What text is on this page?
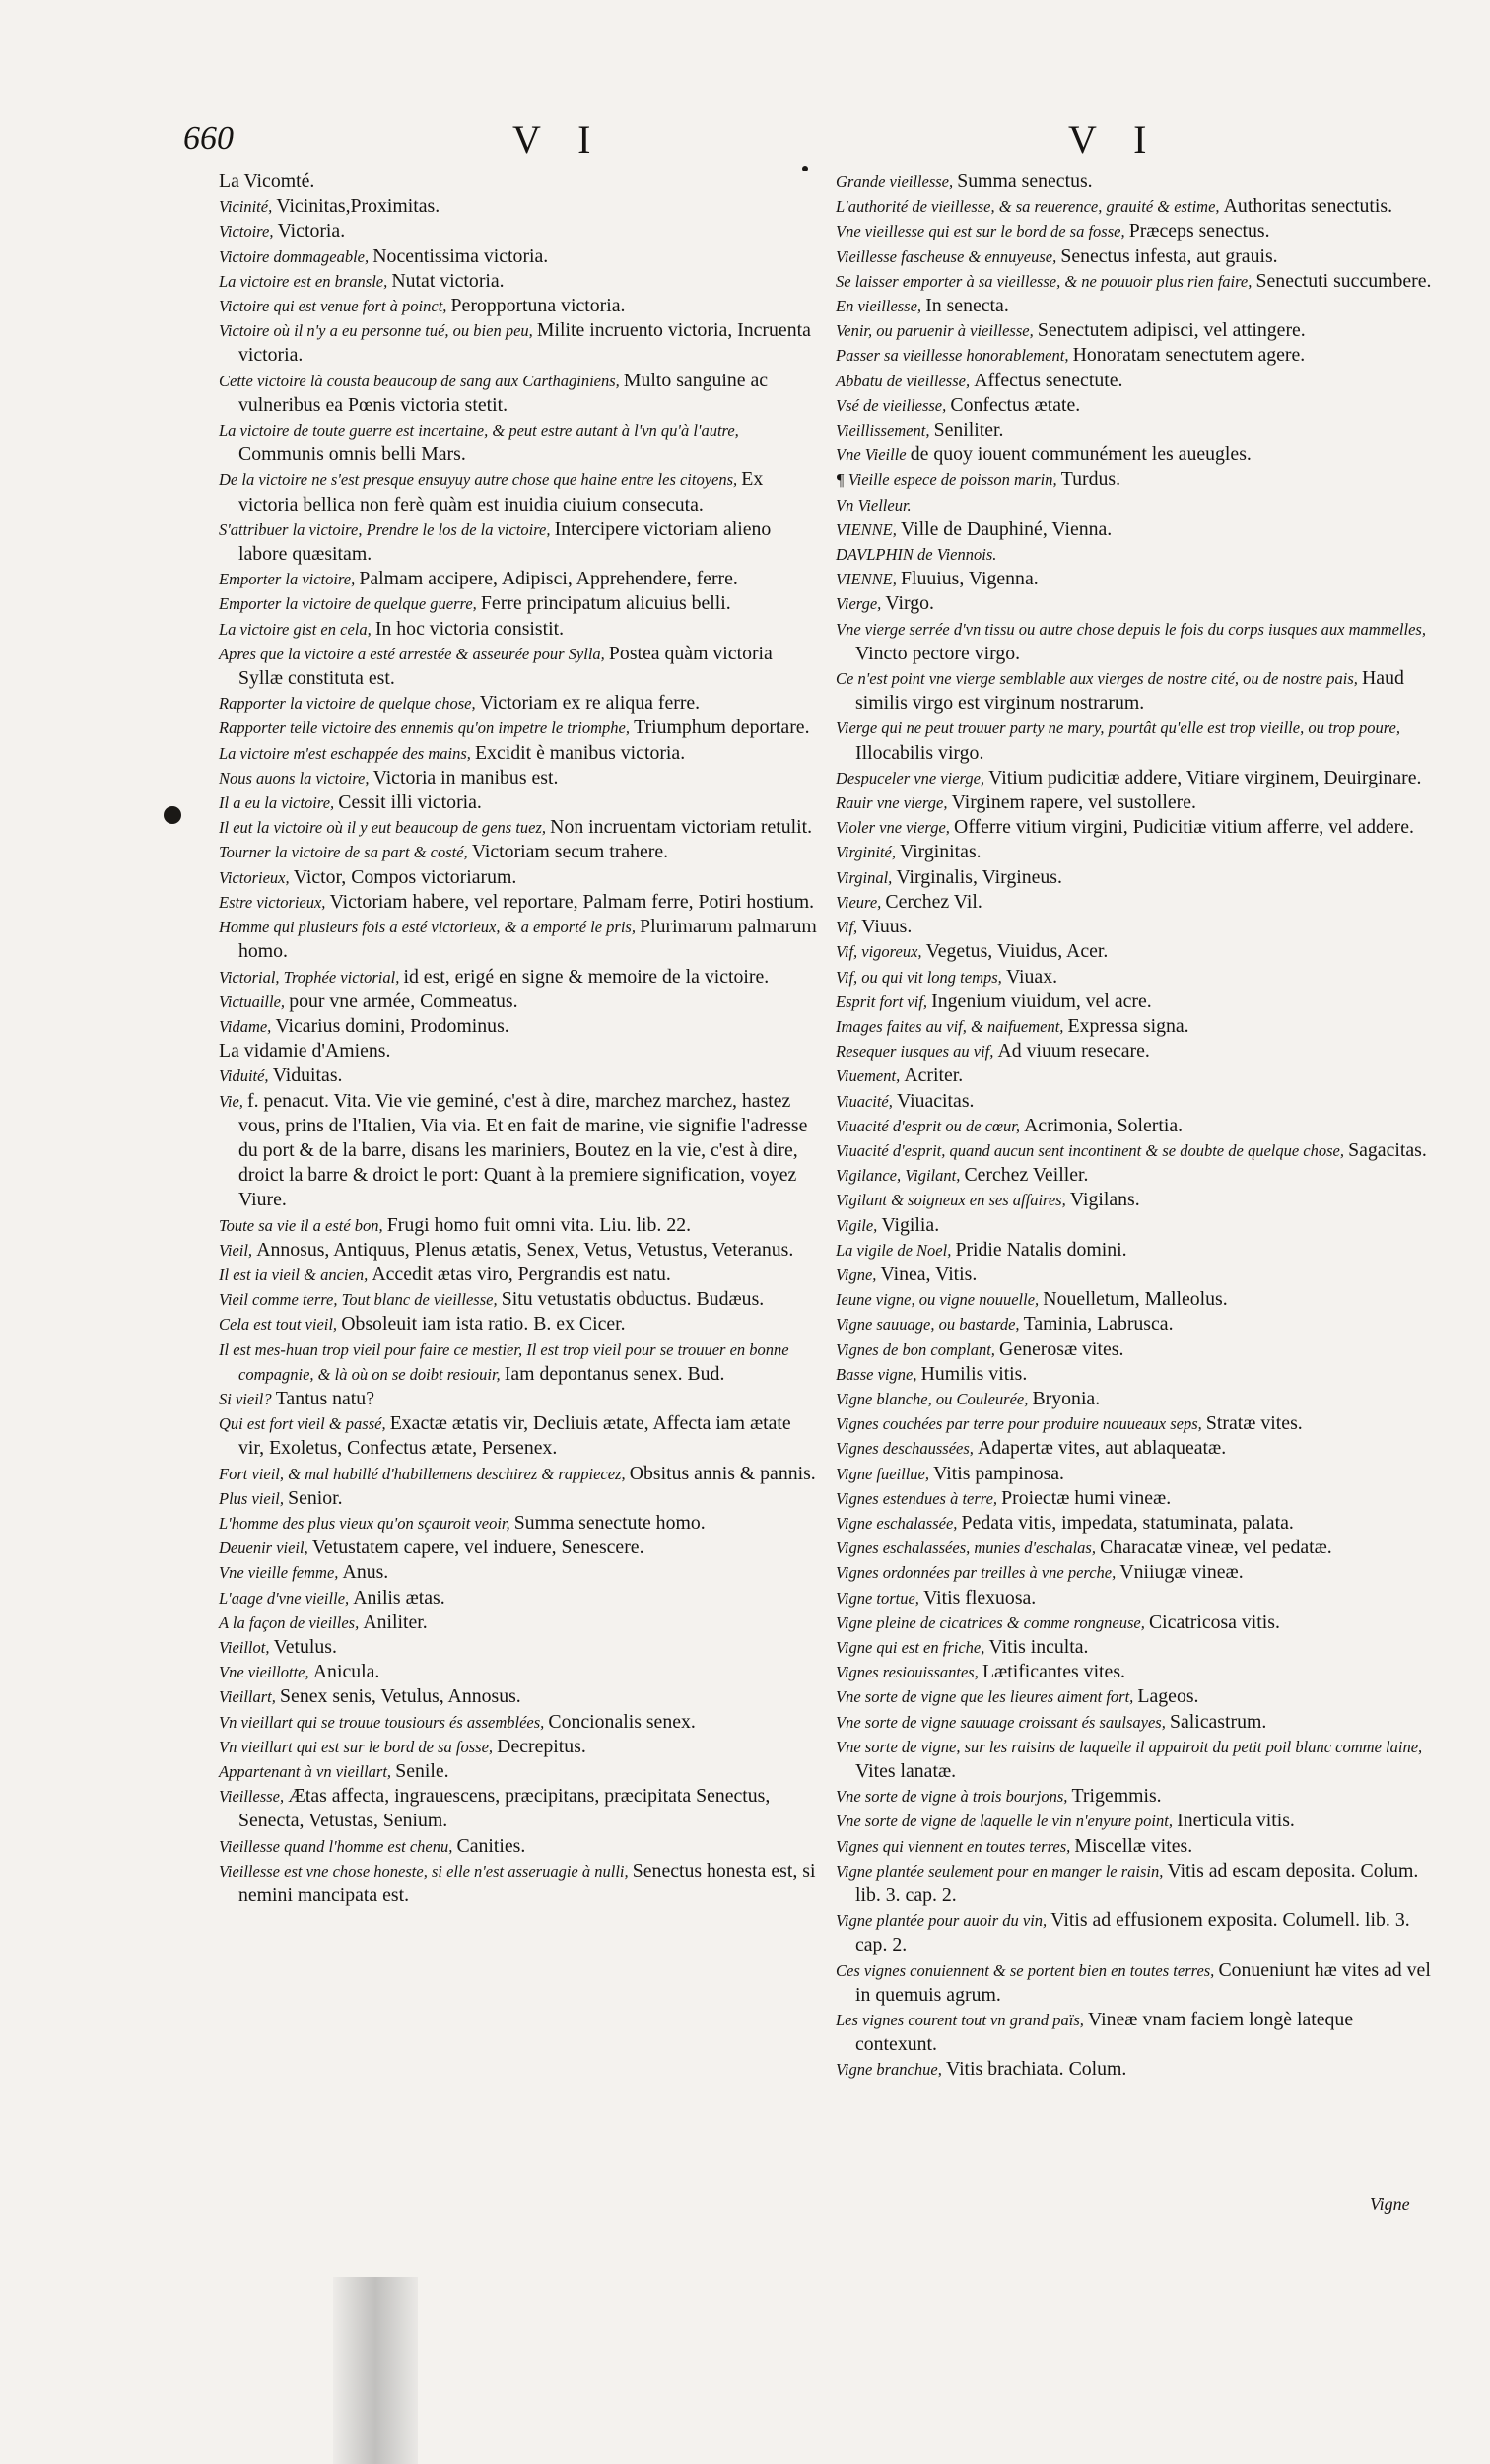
660	V I	V I

La Vicomté.

Vicinité, Vicinitas,Proximitas.

Victoire, Victoria.

Victoire dommageable, Nocentissima victoria.

La victoire est en bransle, Nutat victoria.

Victoire qui est venue fort à poinct, Peropportuna victoria.

Victoire où il n'y a eu personne tué, ou bien peu, Milite incruento victoria, Incruenta victoria.

Cette victoire là cousta beaucoup de sang aux Carthaginiens, Multo sanguine ac vulneribus ea Pœnis victoria stetit.

La victoire de toute guerre est incertaine, & peut estre autant à l'vn qu'à l'autre, Communis omnis belli Mars.

De la victoire ne s'est presque ensuyuy autre chose que haine entre les citoyens, Ex victoria bellica non ferè quàm est inuidia ciuium consecuta.

S'attribuer la victoire, Prendre le los de la victoire, Intercipere victoriam alieno labore quæsitam.

Emporter la victoire, Palmam accipere, Adipisci, Apprehendere, ferre.

Emporter la victoire de quelque guerre, Ferre principatum alicuius belli.

La victoire gist en cela, In hoc victoria consistit.

Apres que la victoire a esté arrestée & asseurée pour Sylla, Postea quàm victoria Syllæ constituta est.

Rapporter la victoire de quelque chose, Victoriam ex re aliqua ferre.

Rapporter telle victoire des ennemis qu'on impetre le triomphe, Triumphum deportare.

La victoire m'est eschappée des mains, Excidit è manibus victoria.

Nous auons la victoire, Victoria in manibus est.

Il a eu la victoire, Cessit illi victoria.

Il eut la victoire où il y eut beaucoup de gens tuez, Non incruentam victoriam retulit.

Tourner la victoire de sa part & costé, Victoriam secum trahere.

Victorieux, Victor, Compos victoriarum.

Estre victorieux, Victoriam habere, vel reportare, Palmam ferre, Potiri hostium.

Homme qui plusieurs fois a esté victorieux, & a emporté le pris, Plurimarum palmarum homo.

Victorial, Trophée victorial, id est, erigé en signe & memoire de la victoire.

Victuaille, pour vne armée, Commeatus.

Vidame, Vicarius domini, Prodominus.

La vidamie d'Amiens.

Viduité, Viduitas.

Vie, f. penacut. Vita. Vie vie geminé, c'est à dire, marchez marchez, hastez vous, prins de l'Italien, Via via. Et en fait de marine, vie signifie l'adresse du port & de la barre, disans les mariniers, Boutez en la vie, c'est à dire, droict la barre & droict le port: Quant à la premiere signification, voyez Viure.

Toute sa vie il a esté bon, Frugi homo fuit omni vita. Liu. lib. 22.

Vieil, Annosus, Antiquus, Plenus ætatis, Senex, Vetus, Vetustus, Veteranus.

Il est ia vieil & ancien, Accedit ætas viro, Pergrandis est natu.

Vieil comme terre, Tout blanc de vieillesse, Situ vetustatis obductus. Budæus.

Cela est tout vieil, Obsoleuit iam ista ratio. B. ex Cicer.

Il est mes-huan trop vieil pour faire ce mestier, Il est trop vieil pour se trouuer en bonne compagnie, & là où on se doibt resiouir, Iam depontanus senex. Bud.

Si vieil? Tantus natu?

Qui est fort vieil & passé, Exactæ ætatis vir, Decliuis ætate, Affecta iam ætate vir, Exoletus, Confectus ætate, Persenex.

Fort vieil, & mal habillé d'habillemens deschirez & rappiecez, Obsitus annis & pannis.

Plus vieil, Senior.

L'homme des plus vieux qu'on sçauroit veoir, Summa senectute homo.

Deuenir vieil, Vetustatem capere, vel induere, Senescere.

Vne vieille femme, Anus.

L'aage d'vne vieille, Anilis ætas.

A la façon de vieilles, Aniliter.

Vieillot, Vetulus.

Vne vieillotte, Anicula.

Vieillart, Senex senis, Vetulus, Annosus.

Vn vieillart qui se trouue tousiours és assemblées, Concionalis senex.

Vn vieillart qui est sur le bord de sa fosse, Decrepitus.

Appartenant à vn vieillart, Senile.

Vieillesse, Ætas affecta, ingrauescens, præcipitans, præcipitata Senectus, Senecta, Vetustas, Senium.

Vieillesse quand l'homme est chenu, Canities.

Vieillesse est vne chose honeste, si elle n'est asseruagie à nulli, Senectus honesta est, si nemini mancipata est.

Grande vieillesse, Summa senectus.

L'authorité de vieillesse, & sa reuerence, grauité & estime, Authoritas senectutis.

Vne vieillesse qui est sur le bord de sa fosse, Præceps senectus.

Vieillesse fascheuse & ennuyeuse, Senectus infesta, aut grauis.

Se laisser emporter à sa vieillesse, & ne pouuoir plus rien faire, Senectuti succumbere.

En vieillesse, In senecta.

Venir, ou paruenir à vieillesse, Senectutem adipisci, vel attingere.

Passer sa vieillesse honorablement, Honoratam senectutem agere.

Abbatu de vieillesse, Affectus senectute.

Vsé de vieillesse, Confectus ætate.

Vieillissement, Seniliter.

Vne Vieille de quoy iouent communément les aueugles.

¶ Vieille espece de poisson marin, Turdus.

Vn Vielleur.

VIENNE, Ville de Dauphiné, Vienna.

DAVLPHIN de Viennois.

VIENNE, Fluuius, Vigenna.

Vierge, Virgo.

Vne vierge serrée d'vn tissu ou autre chose depuis le fois du corps iusques aux mammelles, Vincto pectore virgo.

Ce n'est point vne vierge semblable aux vierges de nostre cité, ou de nostre pais, Haud similis virgo est virginum nostrarum.

Vierge qui ne peut trouuer party ne mary, pourtât qu'elle est trop vieille, ou trop poure, Illocabilis virgo.

Despuceler vne vierge, Vitium pudicitiæ addere, Vitiare virginem, Deuirginare.

Rauir vne vierge, Virginem rapere, vel sustollere.

Violer vne vierge, Offerre vitium virgini, Pudicitiæ vitium afferre, vel addere.

Virginité, Virginitas.

Virginal, Virginalis, Virgineus.

Vieure, Cerchez Vil.

Vif, Viuus.

Vif, vigoreux, Vegetus, Viuidus, Acer.

Vif, ou qui vit long temps, Viuax.

Esprit fort vif, Ingenium viuidum, vel acre.

Images faites au vif, & naifuement, Expressa signa.

Resequer iusques au vif, Ad viuum resecare.

Viuement, Acriter.

Viuacité, Viuacitas.

Viuacité d'esprit ou de cœur, Acrimonia, Solertia.

Viuacité d'esprit, quand aucun sent incontinent & se doubte de quelque chose, Sagacitas.

Vigilance, Vigilant, Cerchez Veiller.

Vigilant & soigneux en ses affaires, Vigilans.

Vigile, Vigilia.

La vigile de Noel, Pridie Natalis domini.

Vigne, Vinea, Vitis.

Ieune vigne, ou vigne nouuelle, Nouelletum, Malleolus.

Vigne sauuage, ou bastarde, Taminia, Labrusca.

Vignes de bon complant, Generosæ vites.

Basse vigne, Humilis vitis.

Vigne blanche, ou Couleurée, Bryonia.

Vignes couchées par terre pour produire nouueaux seps, Stratæ vites.

Vignes deschaussées, Adapertæ vites, aut ablaqueatæ.

Vigne fueillue, Vitis pampinosa.

Vignes estendues à terre, Proiectæ humi vineæ.

Vigne eschalassée, Pedata vitis, impedata, statuminata, palata.

Vignes eschalassées, munies d'eschalas, Characatæ vineæ, vel pedatæ.

Vignes ordonnées par treilles à vne perche, Vniiugæ vineæ.

Vigne tortue, Vitis flexuosa.

Vigne pleine de cicatrices & comme rongneuse, Cicatricosa vitis.

Vigne qui est en friche, Vitis inculta.

Vignes resiouissantes, Lætificantes vites.

Vne sorte de vigne que les lieures aiment fort, Lageos.

Vne sorte de vigne sauuage croissant és saulsayes, Salicastrum.

Vne sorte de vigne, sur les raisins de laquelle il appairoit du petit poil blanc comme laine, Vites lanatæ.

Vne sorte de vigne à trois bourjons, Trigemmis.

Vne sorte de vigne de laquelle le vin n'enyure point, Inerticula vitis.

Vignes qui viennent en toutes terres, Miscellæ vites.

Vigne plantée seulement pour en manger le raisin, Vitis ad escam deposita. Colum. lib. 3. cap. 2.

Vigne plantée pour auoir du vin, Vitis ad effusionem exposita. Columell. lib. 3. cap. 2.

Ces vignes conuiennent & se portent bien en toutes terres, Conueniunt hæ vites ad vel in quemuis agrum.

Les vignes courent tout vn grand païs, Vineæ vnam faciem longè lateque contexunt.

Vigne branchue, Vitis brachiata. Colum.

Vigne
